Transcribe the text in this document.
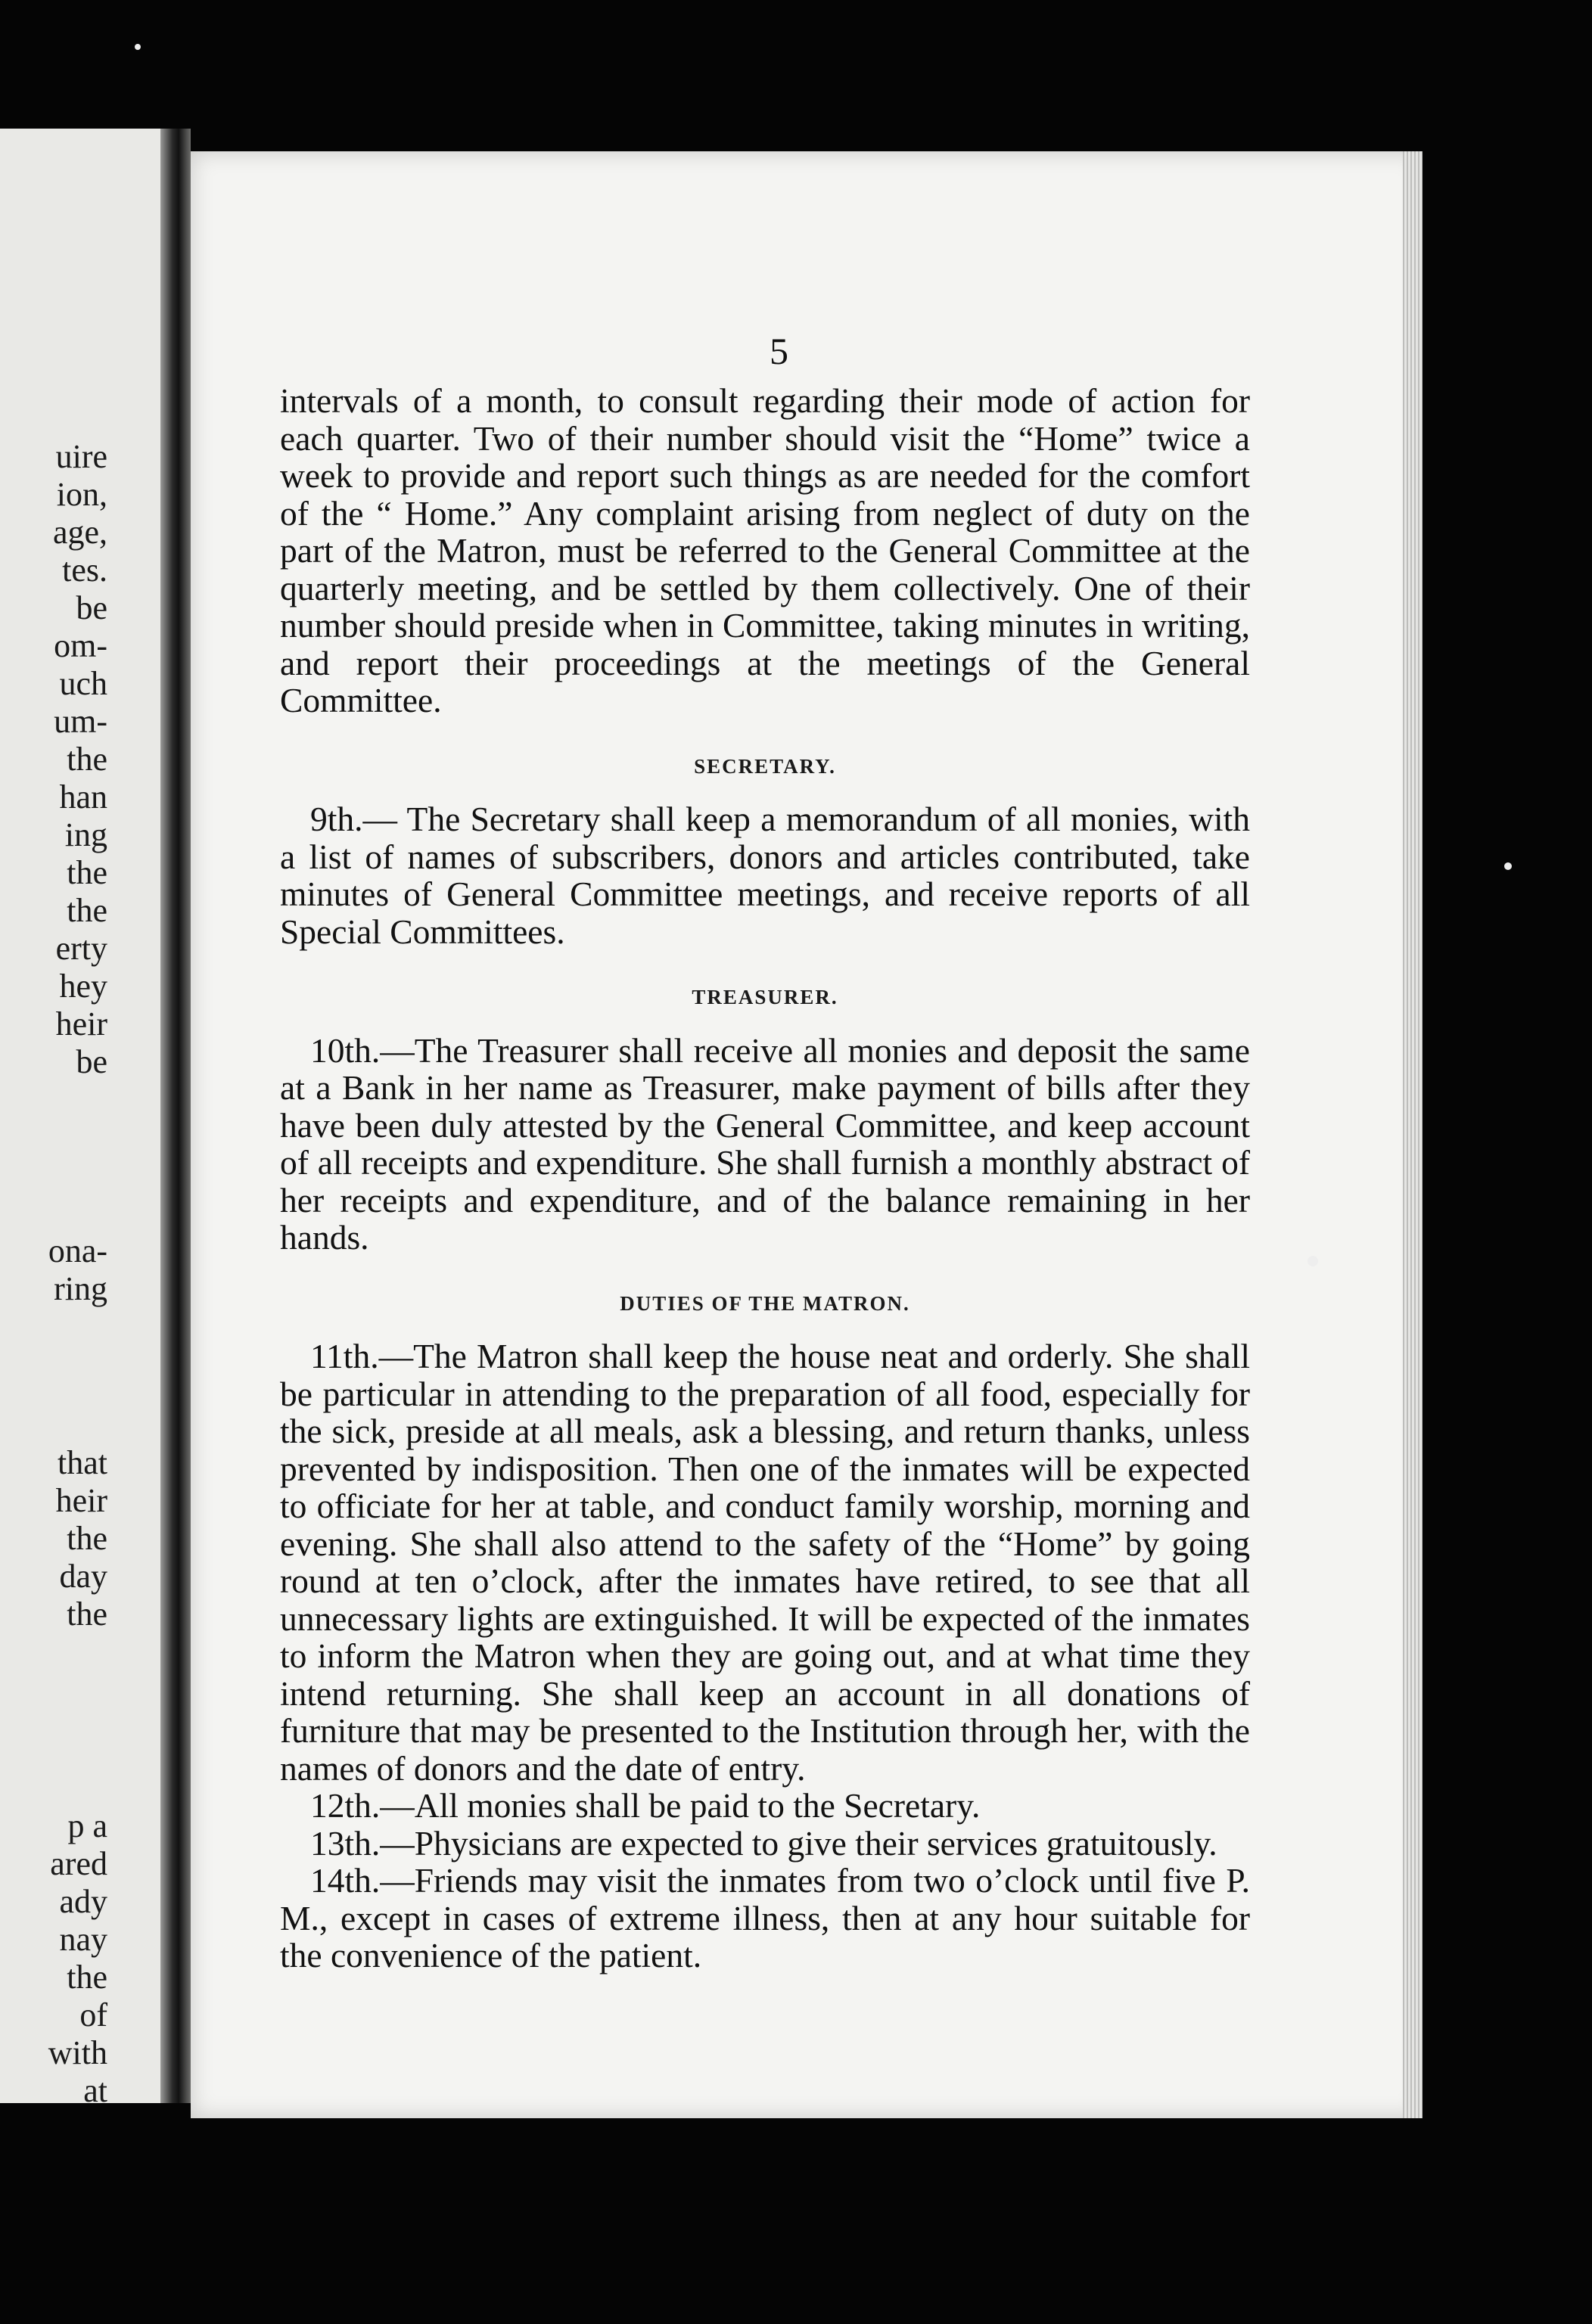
uire
ion,
age,
tes.
be
om-
uch
um-
the
han
ing
the
the
erty
hey
heir
be
ona-
ring
that
heir
the
day
the
p a
ared
ady
nay
the
of
with
at
5

intervals of a month, to consult regarding their mode of action for each quarter. Two of their number should visit the “Home” twice a week to provide and report such things as are needed for the comfort of the “ Home.” Any complaint arising from neglect of duty on the part of the Matron, must be referred to the General Committee at the quarterly meeting, and be settled by them collectively. One of their number should preside when in Committee, taking minutes in writing, and report their proceedings at the meetings of the General Committee.

SECRETARY.

9th.— The Secretary shall keep a memorandum of all monies, with a list of names of subscribers, donors and articles contributed, take minutes of General Committee meetings, and receive reports of all Special Committees.

TREASURER.

10th.—The Treasurer shall receive all monies and deposit the same at a Bank in her name as Treasurer, make payment of bills after they have been duly attested by the General Committee, and keep account of all receipts and expenditure. She shall furnish a monthly abstract of her receipts and expenditure, and of the balance remaining in her hands.

DUTIES OF THE MATRON.

11th.—The Matron shall keep the house neat and orderly. She shall be particular in attending to the preparation of all food, especially for the sick, preside at all meals, ask a blessing, and return thanks, unless prevented by indisposition. Then one of the inmates will be expected to officiate for her at table, and conduct family worship, morning and evening. She shall also attend to the safety of the “Home” by going round at ten o’clock, after the inmates have retired, to see that all unnecessary lights are extinguished. It will be expected of the inmates to inform the Matron when they are going out, and at what time they intend returning. She shall keep an account in all donations of furniture that may be presented to the Institution through her, with the names of donors and the date of entry.

12th.—All monies shall be paid to the Secretary.

13th.—Physicians are expected to give their services gratuitously.

14th.—Friends may visit the inmates from two o’clock until five P. M., except in cases of extreme illness, then at any hour suitable for the convenience of the patient.
